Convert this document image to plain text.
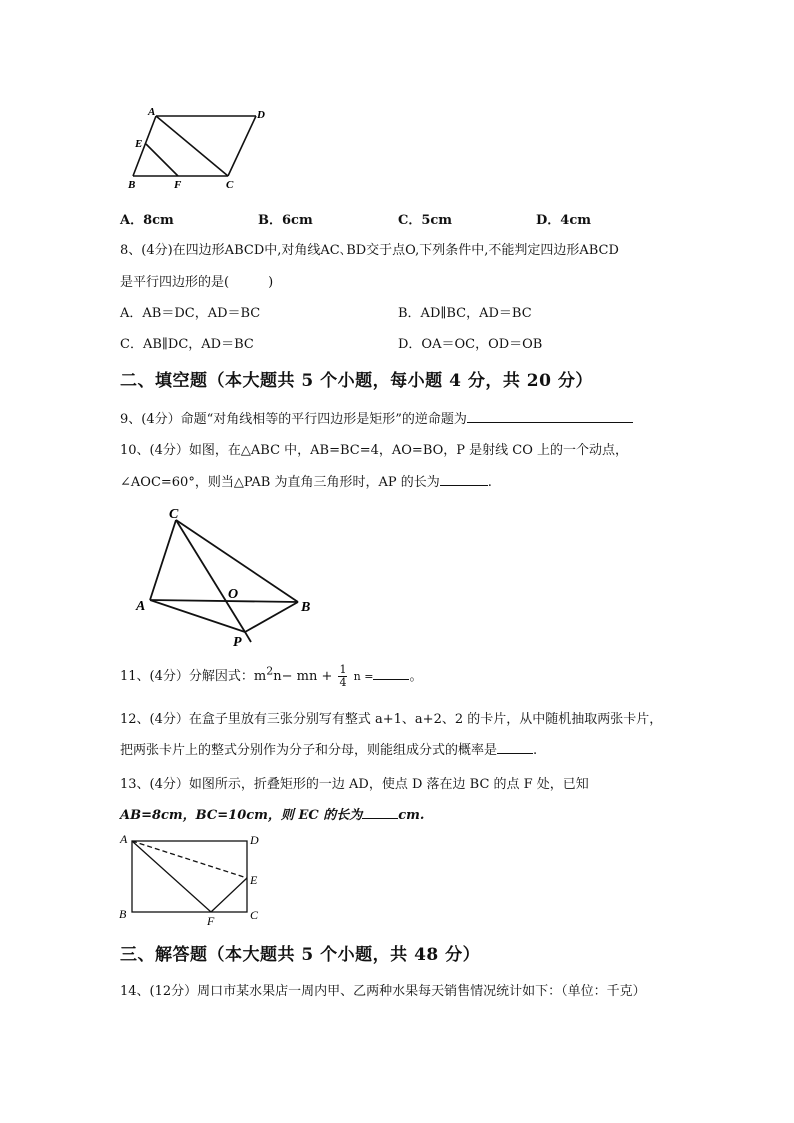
A	D
E
B	F	C
A．8cm	B．6cm	C．5cm	D．4cm
8、(4分)在四边形ABCD中,对角线AC､BD交于点O,下列条件中,不能判定四边形ABCD
是平行四边形的是(　　　)
A．AB＝DC，AD＝BC	B．AD∥BC，AD＝BC
C．AB∥DC，AD＝BC	D．OA＝OC，OD＝OB
二、填空题（本大题共 5 个小题，每小题 4 分，共 20 分）
9、(4分）命题“对角线相等的平行四边形是矩形”的逆命题为
10、(4分）如图，在△ABC 中，AB=BC=4，AO=BO，P 是射线 CO 上的一个动点，
∠AOC=60°，则当△PAB 为直角三角形时，AP 的长为	.
C
A
O
B
P
11、(4分）分解因式：$m^2n-$ mn + $\frac{1}{4}$ n =	。
12、(4分）在盒子里放有三张分别写有整式 a+1、a+2、2 的卡片，从中随机抽取两张卡片，
把两张卡片上的整式分别作为分子和分母，则能组成分式的概率是	.
13、(4分）如图所示，折叠矩形的一边 AD，使点 D 落在边 BC 的点 F 处，已知
AB=8cm，BC=10cm，则 EC 的长为	cm.
A	D
E
B	F	C
三、解答题（本大题共 5 个小题，共 48 分）
14、(12分）周口市某水果店一周内甲、乙两种水果每天销售情况统计如下：（单位：千克）
